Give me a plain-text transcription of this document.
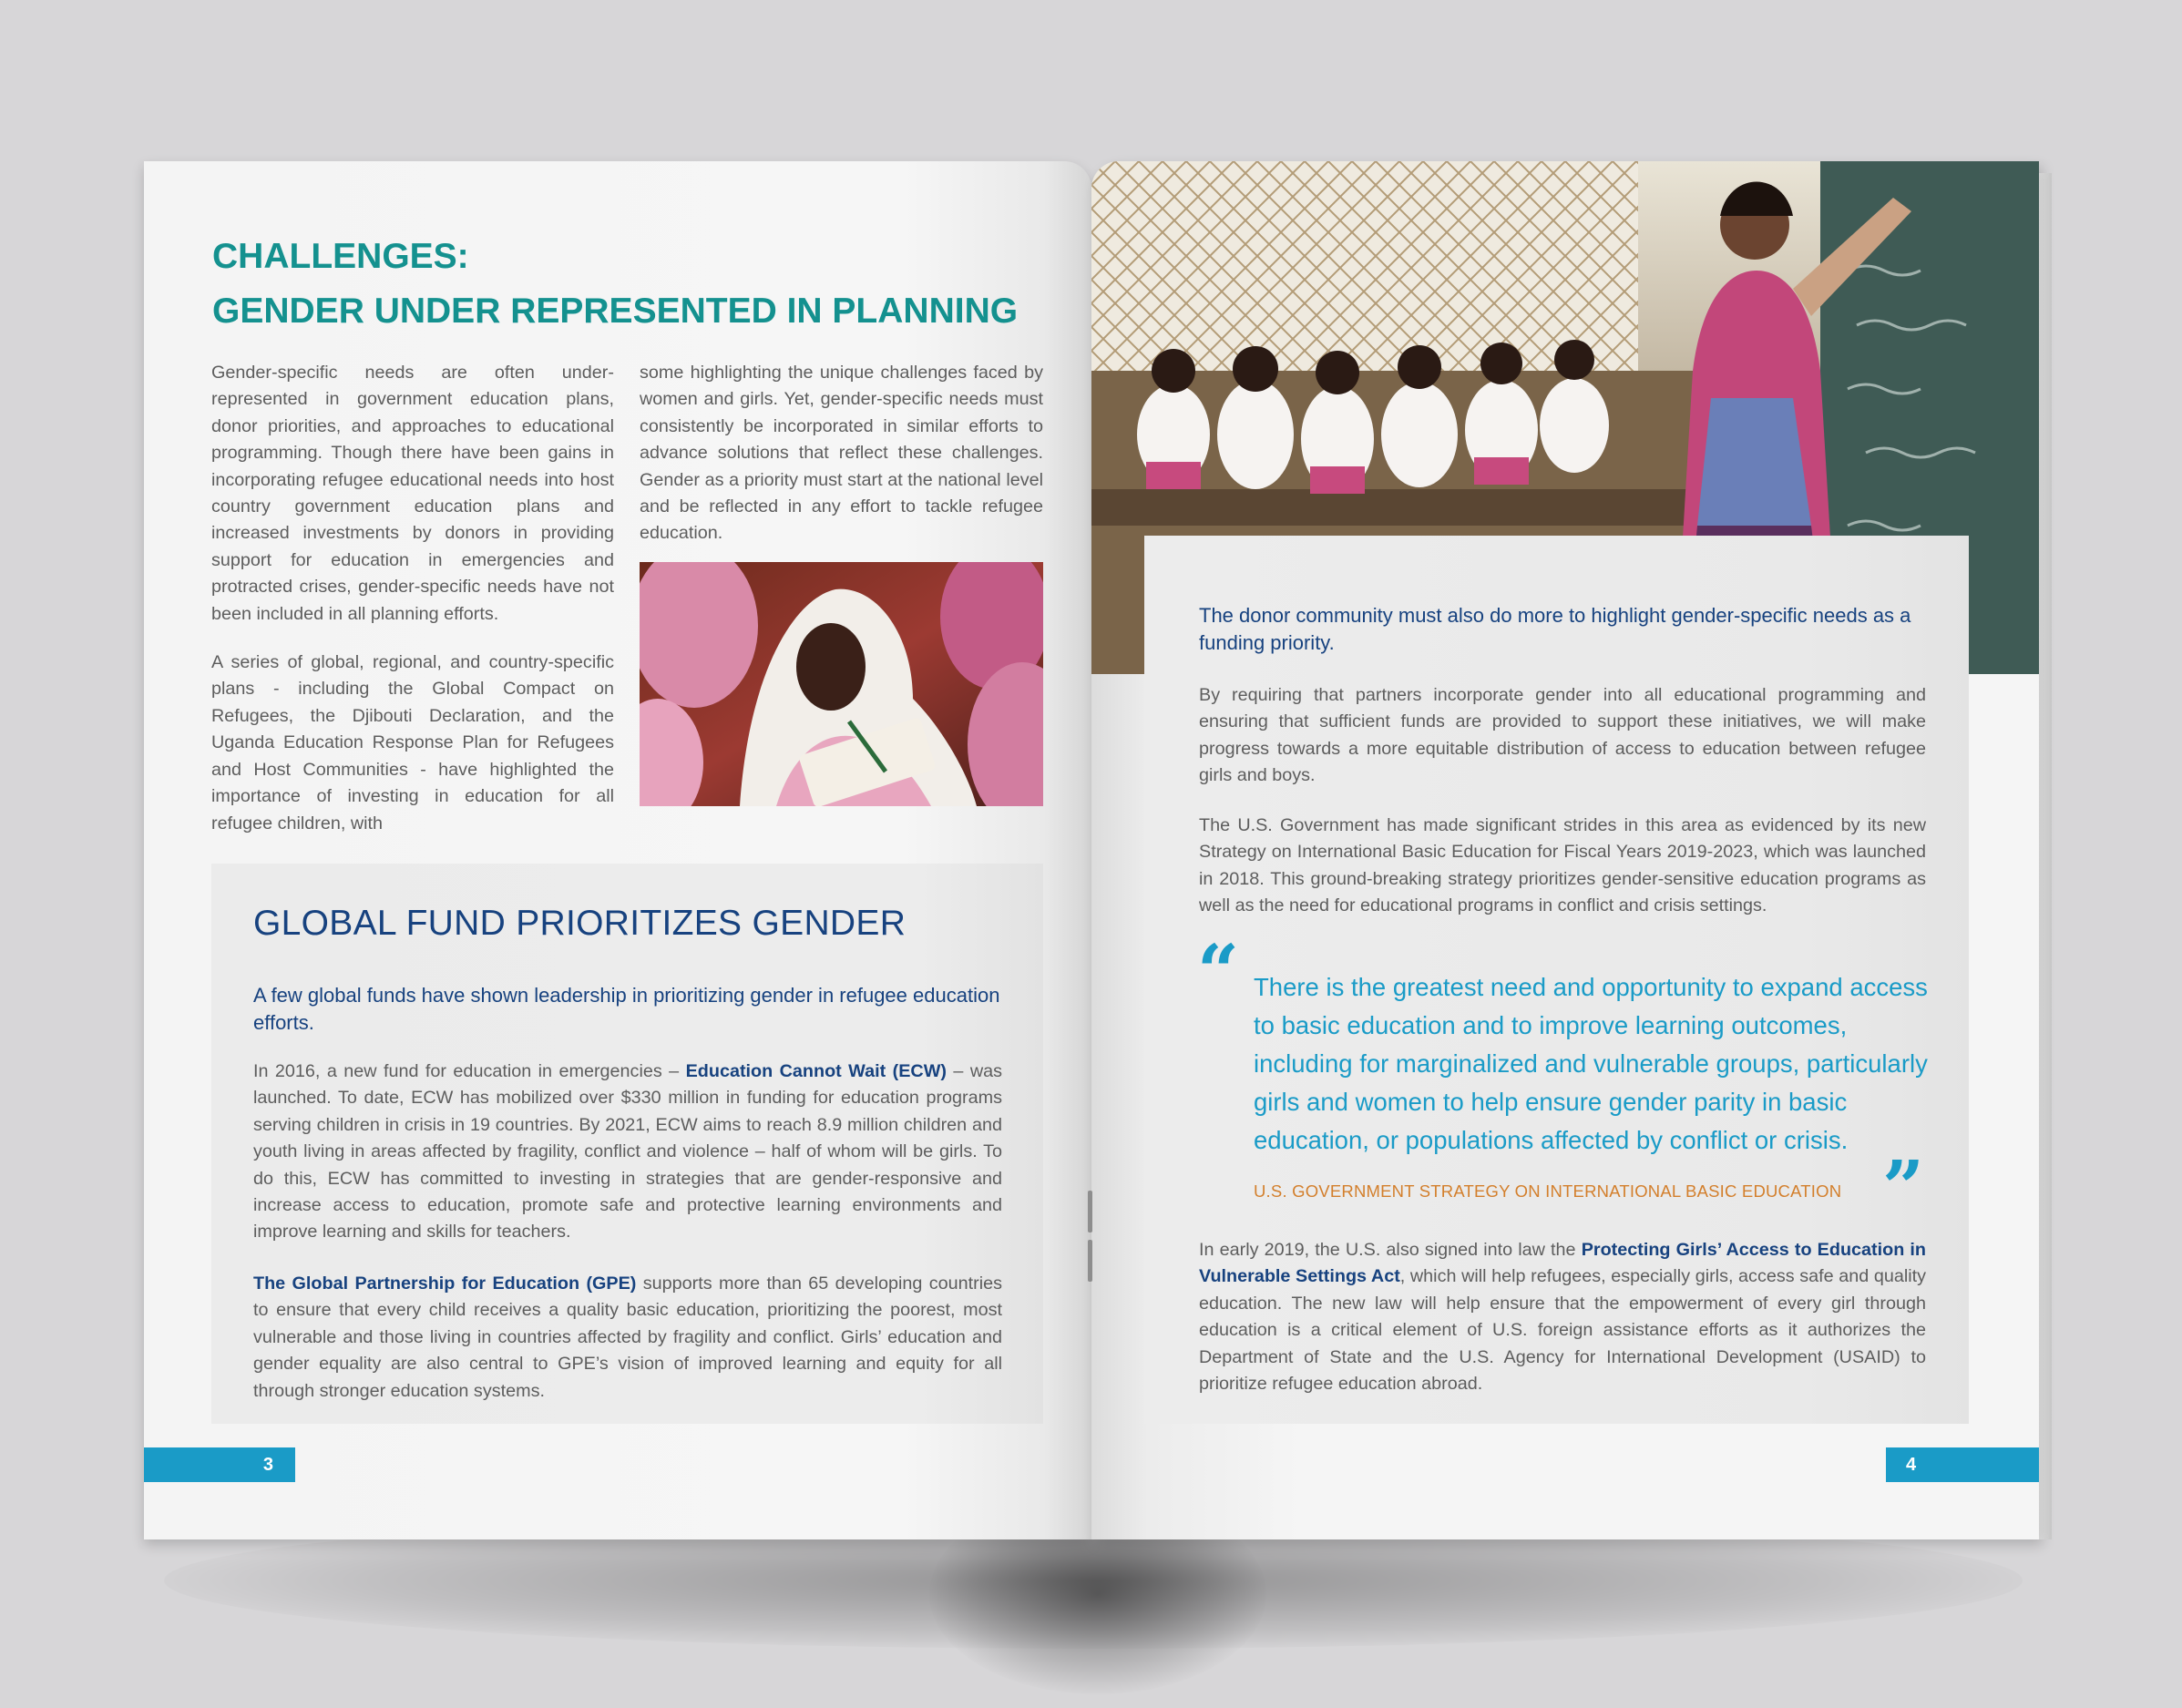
CHALLENGES:
GENDER UNDER REPRESENTED IN PLANNING

Gender-specific needs are often under-represented in government education plans, donor priorities, and approaches to educational programming. Though there have been gains in incorporating refugee educational needs into host country government education plans and increased investments by donors in providing support for education in emergencies and protracted crises, gender-specific needs have not been included in all planning efforts.

A series of global, regional, and country-specific plans - including the Global Compact on Refugees, the Djibouti Declaration, and the Uganda Education Response Plan for Refugees and Host Communities - have highlighted the importance of investing in education for all refugee children, with

some highlighting the unique challenges faced by women and girls. Yet, gender-specific needs must consistently be incorporated in similar efforts to advance solutions that reflect these challenges. Gender as a priority must start at the national level and be reflected in any effort to tackle refugee education.

GLOBAL FUND PRIORITIZES GENDER

A few global funds have shown leadership in prioritizing gender in refugee education efforts.

In 2016, a new fund for education in emergencies – Education Cannot Wait (ECW) – was launched. To date, ECW has mobilized over $330 million in funding for education programs serving children in crisis in 19 countries. By 2021, ECW aims to reach 8.9 million children and youth living in areas affected by fragility, conflict and violence – half of whom will be girls. To do this, ECW has committed to investing in strategies that are gender-responsive and increase access to education, promote safe and protective learning environments and improve learning and skills for teachers.

The Global Partnership for Education (GPE) supports more than 65 developing countries to ensure that every child receives a quality basic education, prioritizing the poorest, most vulnerable and those living in countries affected by fragility and conflict. Girls’ education and gender equality are also central to GPE’s vision of improved learning and equity for all through stronger education systems.

3

The donor community must also do more to highlight gender-specific needs as a funding priority.

By requiring that partners incorporate gender into all educational programming and ensuring that sufficient funds are provided to support these initiatives, we will make progress towards a more equitable distribution of access to education between refugee girls and boys.

The U.S. Government has made significant strides in this area as evidenced by its new Strategy on International Basic Education for Fiscal Years 2019-2023, which was launched in 2018. This ground-breaking strategy prioritizes gender-sensitive education programs as well as the need for educational programs in conflict and crisis settings.

“ There is the greatest need and opportunity to expand access to basic education and to improve learning outcomes, including for marginalized and vulnerable groups, particularly girls and women to help ensure gender parity in basic education, or populations affected by conflict or crisis.

U.S. GOVERNMENT STRATEGY ON INTERNATIONAL BASIC EDUCATION ”

In early 2019, the U.S. also signed into law the Protecting Girls’ Access to Education in Vulnerable Settings Act, which will help refugees, especially girls, access safe and quality education. The new law will help ensure that the empowerment of every girl through education is a critical element of U.S. foreign assistance efforts as it authorizes the Department of State and the U.S. Agency for International Development (USAID) to prioritize refugee education abroad.

4
